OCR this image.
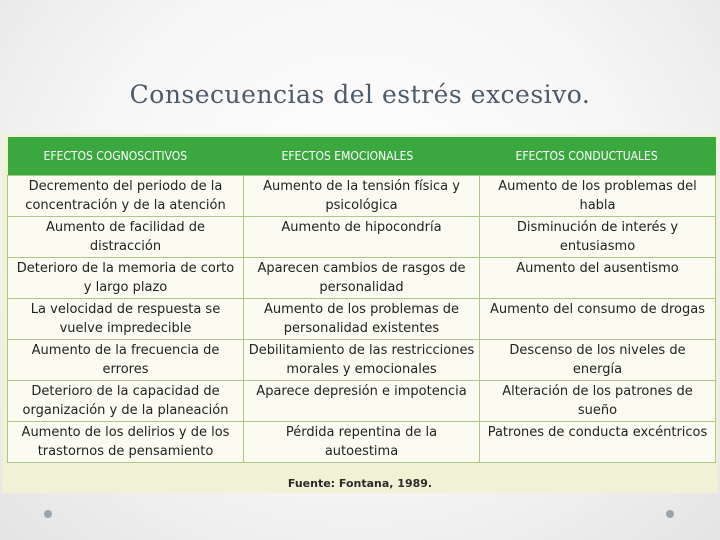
Consecuencias del estrés excesivo.
EFECTOS COGNOSCITIVOS	EFECTOS EMOCIONALES	EFECTOS CONDUCTUALES
Decremento del periodo de la concentración y de la atención	Aumento de la tensión física y psicológica	Aumento de los problemas del habla
Aumento de facilidad de distracción	Aumento de hipocondría	Disminución de interés y entusiasmo
Deterioro de la memoria de corto y largo plazo	Aparecen cambios de rasgos de personalidad	Aumento del ausentismo
La velocidad de respuesta se vuelve impredecible	Aumento de los problemas de personalidad existentes	Aumento del consumo de drogas
Aumento de la frecuencia de errores	Debilitamiento de las restricciones morales y emocionales	Descenso de los niveles de energía
Deterioro de la capacidad de organización y de la planeación	Aparece depresión e impotencia	Alteración de los patrones de sueño
Aumento de los delirios y de los trastornos de pensamiento	Pérdida repentina de la autoestima	Patrones de conducta excéntricos
Fuente: Fontana, 1989.
